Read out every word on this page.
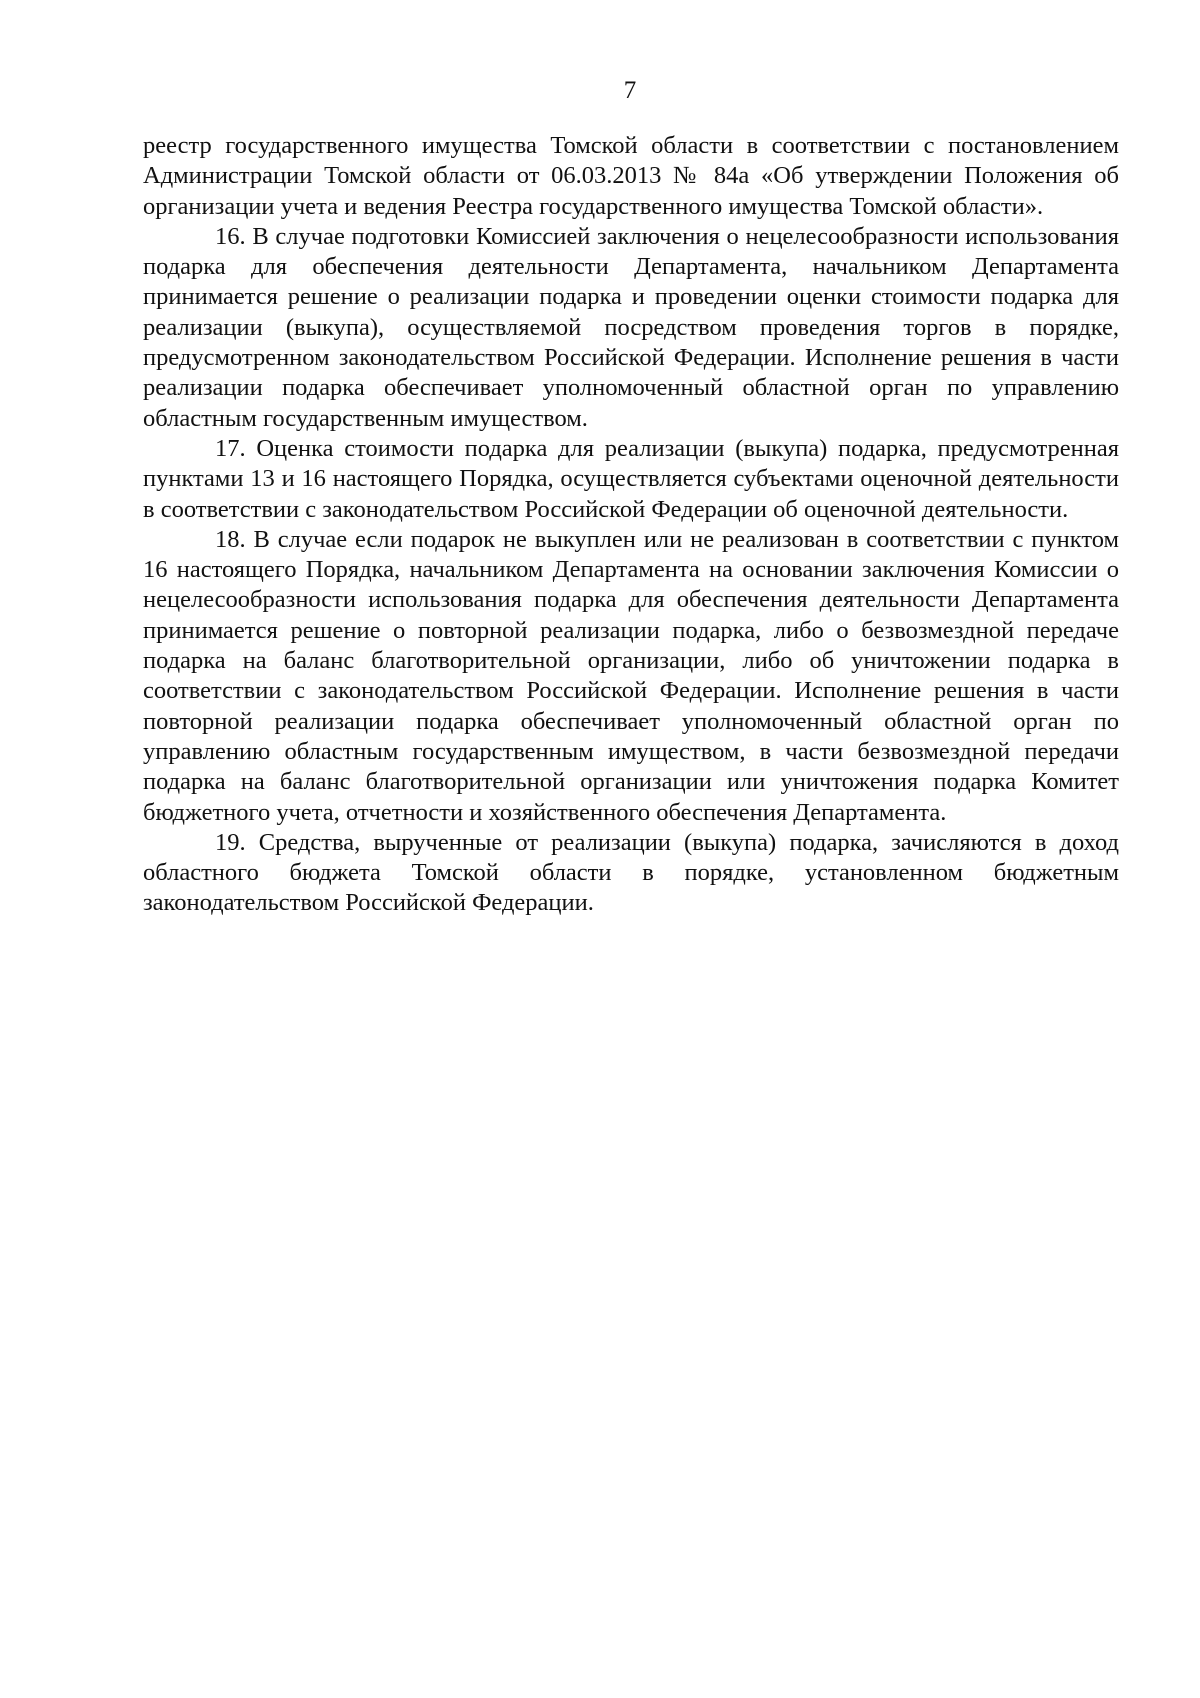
7

реестр государственного имущества Томской области в соответствии с постановлением Администрации Томской области от 06.03.2013 № 84а «Об утверждении Положения об организации учета и ведения Реестра государственного имущества Томской области».

16. В случае подготовки Комиссией заключения о нецелесообразности использования подарка для обеспечения деятельности Департамента, начальником Департамента принимается решение о реализации подарка и проведении оценки стоимости подарка для реализации (выкупа), осуществляемой посредством проведения торгов в порядке, предусмотренном законодательством Российской Федерации. Исполнение решения в части реализации подарка обеспечивает уполномоченный областной орган по управлению областным государственным имуществом.

17. Оценка стоимости подарка для реализации (выкупа) подарка, предусмотренная пунктами 13 и 16 настоящего Порядка, осуществляется субъектами оценочной деятельности в соответствии с законодательством Российской Федерации об оценочной деятельности.

18. В случае если подарок не выкуплен или не реализован в соответствии с пунктом 16 настоящего Порядка, начальником Департамента на основании заключения Комиссии о нецелесообразности использования подарка для обеспечения деятельности Департамента принимается решение о повторной реализации подарка, либо о безвозмездной передаче подарка на баланс благотворительной организации, либо об уничтожении подарка в соответствии с законодательством Российской Федерации. Исполнение решения в части повторной реализации подарка обеспечивает уполномоченный областной орган по управлению областным государственным имуществом, в части безвозмездной передачи подарка на баланс благотворительной организации или уничтожения подарка Комитет бюджетного учета, отчетности и хозяйственного обеспечения Департамента.

19. Средства, вырученные от реализации (выкупа) подарка, зачисляются в доход областного бюджета Томской области в порядке, установленном бюджетным законодательством Российской Федерации.
